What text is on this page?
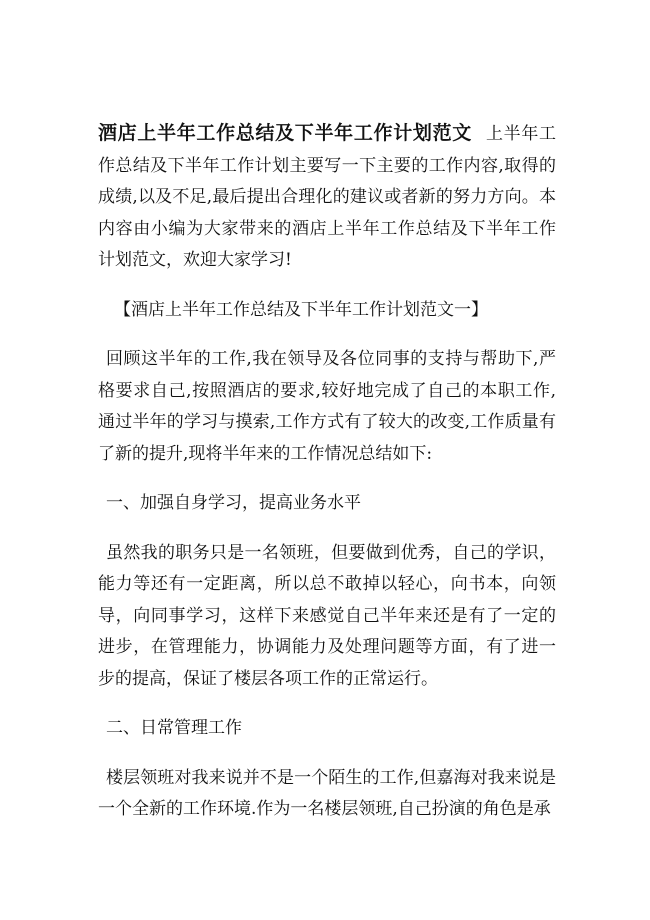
酒店上半年工作总结及下半年工作计划范文 上半年工作总结及下半年工作计划主要写一下主要的工作内容,取得的成绩,以及不足,最后提出合理化的建议或者新的努力方向。本内容由小编为大家带来的酒店上半年工作总结及下半年工作计划范文，欢迎大家学习!

【酒店上半年工作总结及下半年工作计划范文一】

回顾这半年的工作,我在领导及各位同事的支持与帮助下,严格要求自己,按照酒店的要求,较好地完成了自己的本职工作,通过半年的学习与摸索,工作方式有了较大的改变,工作质量有了新的提升,现将半年来的工作情况总结如下:

一、加强自身学习，提高业务水平

虽然我的职务只是一名领班，但要做到优秀，自己的学识，能力等还有一定距离，所以总不敢掉以轻心，向书本，向领导，向同事学习，这样下来感觉自己半年来还是有了一定的进步，在管理能力，协调能力及处理问题等方面，有了进一步的提高，保证了楼层各项工作的正常运行。

二、日常管理工作

楼层领班对我来说并不是一个陌生的工作,但嘉海对我来说是一个全新的工作环境.作为一名楼层领班,自己扮演的角色是承
